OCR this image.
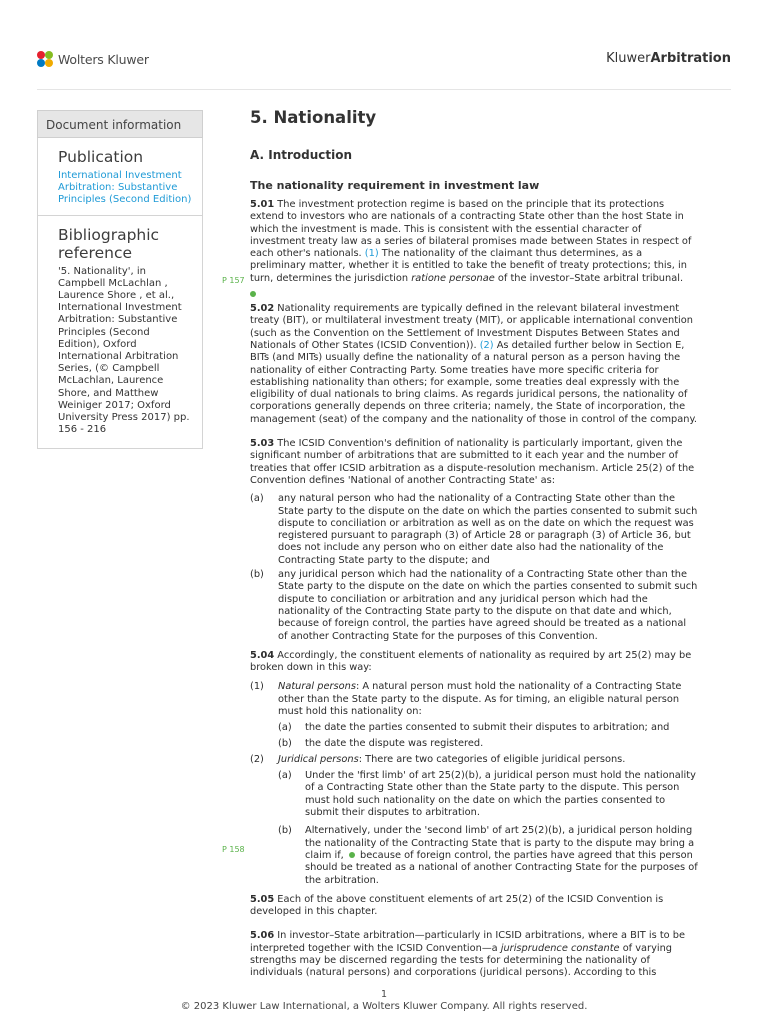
Wolters Kluwer	KluwerArbitration
Document information
Publication
International Investment Arbitration: Substantive Principles (Second Edition)
Bibliographic reference
'5. Nationality', in Campbell McLachlan , Laurence Shore , et al., International Investment Arbitration: Substantive Principles (Second Edition), Oxford International Arbitration Series, (© Campbell McLachlan, Laurence Shore, and Matthew Weiniger 2017; Oxford University Press 2017) pp. 156 - 216
P 157
P 158
5. Nationality
A. Introduction
The nationality requirement in investment law

5.01 The investment protection regime is based on the principle that its protections extend to investors who are nationals of a contracting State other than the host State in which the investment is made. This is consistent with the essential character of investment treaty law as a series of bilateral promises made between States in respect of each other's nationals. (1) The nationality of the claimant thus determines, as a preliminary matter, whether it is entitled to take the benefit of treaty protections; this, in turn, determines the jurisdiction ratione personae of the investor–State arbitral tribunal.

5.02 Nationality requirements are typically defined in the relevant bilateral investment treaty (BIT), or multilateral investment treaty (MIT), or applicable international convention (such as the Convention on the Settlement of Investment Disputes Between States and Nationals of Other States (ICSID Convention)). (2) As detailed further below in Section E, BITs (and MITs) usually define the nationality of a natural person as a person having the nationality of either Contracting Party. Some treaties have more specific criteria for establishing nationality than others; for example, some treaties deal expressly with the eligibility of dual nationals to bring claims. As regards juridical persons, the nationality of corporations generally depends on three criteria; namely, the State of incorporation, the management (seat) of the company and the nationality of those in control of the company.

5.03 The ICSID Convention's definition of nationality is particularly important, given the significant number of arbitrations that are submitted to it each year and the number of treaties that offer ICSID arbitration as a dispute-resolution mechanism. Article 25(2) of the Convention defines 'National of another Contracting State' as:

(a)	any natural person who had the nationality of a Contracting State other than the State party to the dispute on the date on which the parties consented to submit such dispute to conciliation or arbitration as well as on the date on which the request was registered pursuant to paragraph (3) of Article 28 or paragraph (3) of Article 36, but does not include any person who on either date also had the nationality of the Contracting State party to the dispute; and
(b)	any juridical person which had the nationality of a Contracting State other than the State party to the dispute on the date on which the parties consented to submit such dispute to conciliation or arbitration and any juridical person which had the nationality of the Contracting State party to the dispute on that date and which, because of foreign control, the parties have agreed should be treated as a national of another Contracting State for the purposes of this Convention.

5.04 Accordingly, the constituent elements of nationality as required by art 25(2) may be broken down in this way:

(1)	Natural persons: A natural person must hold the nationality of a Contracting State other than the State party to the dispute. As for timing, an eligible natural person must hold this nationality on:
(a)	the date the parties consented to submit their disputes to arbitration; and
(b)	the date the dispute was registered.
(2)	Juridical persons: There are two categories of eligible juridical persons.
(a)	Under the 'first limb' of art 25(2)(b), a juridical person must hold the nationality of a Contracting State other than the State party to the dispute. This person must hold such nationality on the date on which the parties consented to submit their disputes to arbitration.
(b)	Alternatively, under the 'second limb' of art 25(2)(b), a juridical person holding the nationality of the Contracting State that is party to the dispute may bring a claim if,  because of foreign control, the parties have agreed that this person should be treated as a national of another Contracting State for the purposes of the arbitration.

5.05 Each of the above constituent elements of art 25(2) of the ICSID Convention is developed in this chapter.

5.06 In investor–State arbitration—particularly in ICSID arbitrations, where a BIT is to be interpreted together with the ICSID Convention—a jurisprudence constante of varying strengths may be discerned regarding the tests for determining the nationality of individuals (natural persons) and corporations (juridical persons). According to this

1
© 2023 Kluwer Law International, a Wolters Kluwer Company. All rights reserved.
